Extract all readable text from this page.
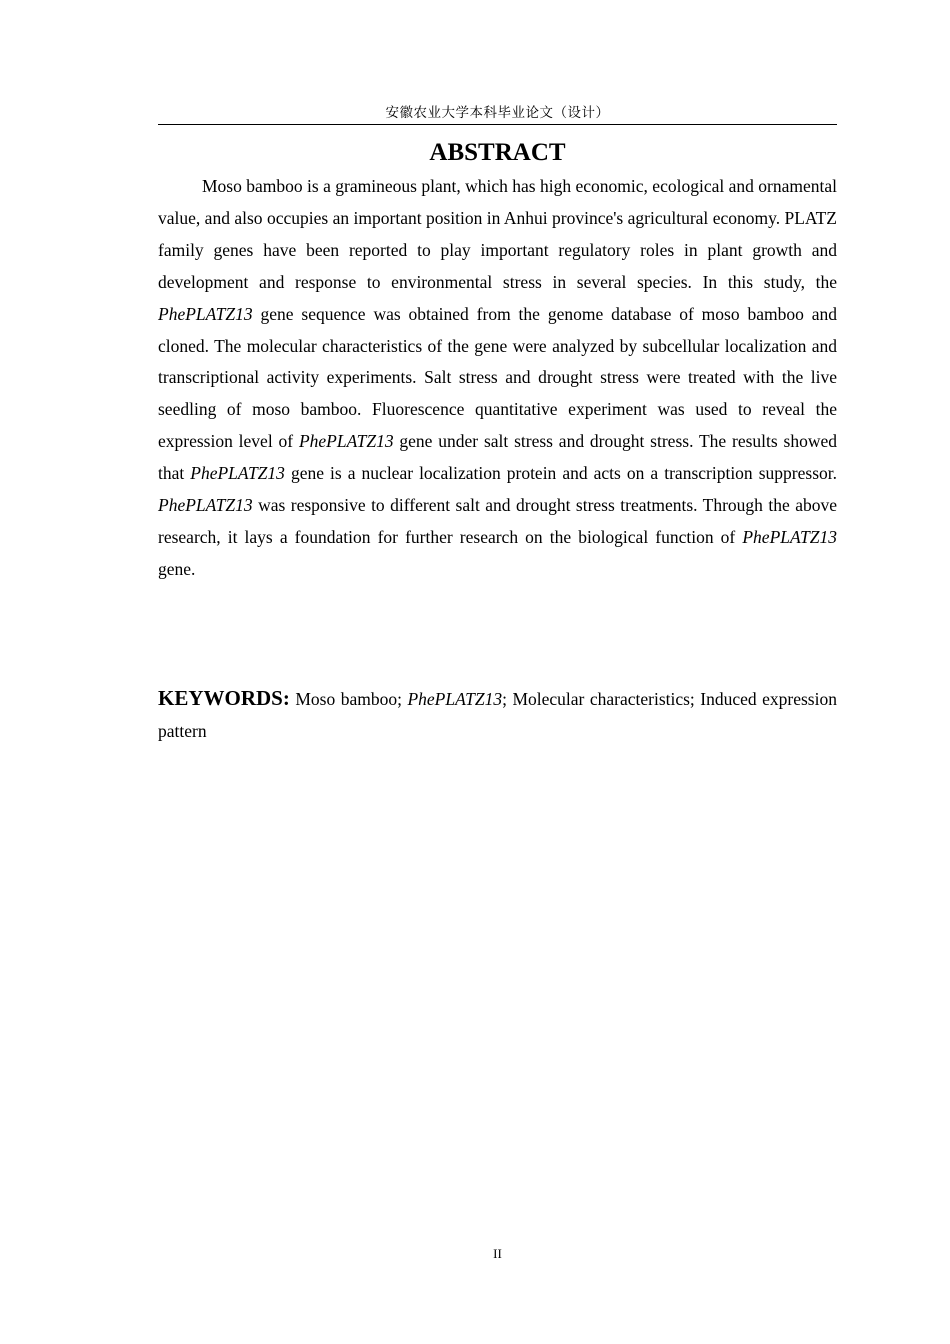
安徽农业大学本科毕业论文（设计）
ABSTRACT

Moso bamboo is a gramineous plant, which has high economic, ecological and ornamental value, and also occupies an important position in Anhui province's agricultural economy. PLATZ family genes have been reported to play important regulatory roles in plant growth and development and response to environmental stress in several species. In this study, the PhePLATZ13 gene sequence was obtained from the genome database of moso bamboo and cloned. The molecular characteristics of the gene were analyzed by subcellular localization and transcriptional activity experiments. Salt stress and drought stress were treated with the live seedling of moso bamboo. Fluorescence quantitative experiment was used to reveal the expression level of PhePLATZ13 gene under salt stress and drought stress. The results showed that PhePLATZ13 gene is a nuclear localization protein and acts on a transcription suppressor. PhePLATZ13 was responsive to different salt and drought stress treatments. Through the above research, it lays a foundation for further research on the biological function of PhePLATZ13 gene.

KEYWORDS: Moso bamboo; PhePLATZ13; Molecular characteristics; Induced expression pattern

II
